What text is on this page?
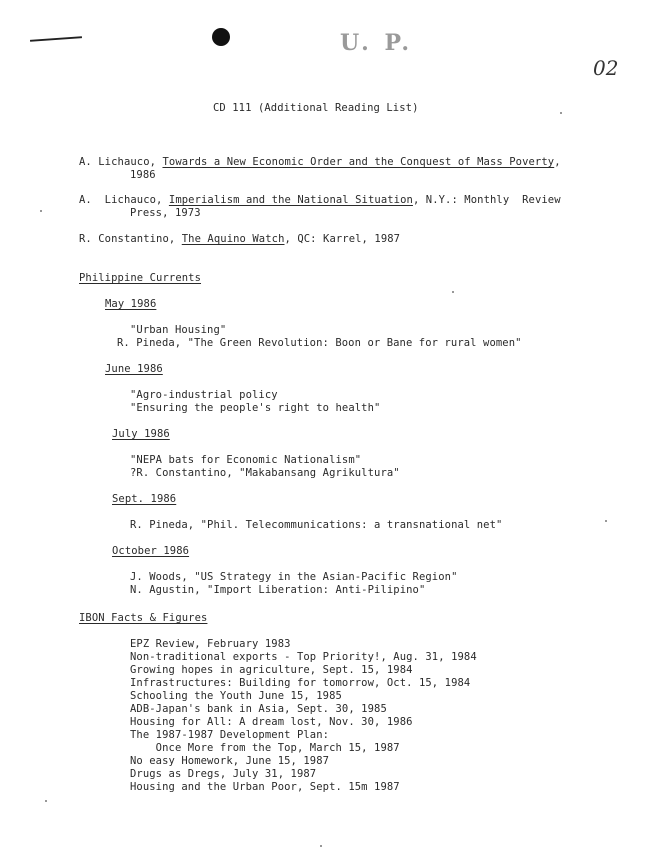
U. P.
02
CD 111 (Additional Reading List)
A. Lichauco, Towards a New Economic Order and the Conquest of Mass Poverty,
1986
A.  Lichauco, Imperialism and the National Situation, N.Y.: Monthly  Review
Press, 1973
R. Constantino, The Aquino Watch, QC: Karrel, 1987
Philippine Currents
May 1986
"Urban Housing"
R. Pineda, "The Green Revolution: Boon or Bane for rural women"
June 1986
"Agro-industrial policy
"Ensuring the people's right to health"
July 1986
"NEPA bats for Economic Nationalism"
?R. Constantino, "Makabansang Agrikultura"
Sept. 1986
R. Pineda, "Phil. Telecommunications: a transnational net"
October 1986
J. Woods, "US Strategy in the Asian-Pacific Region"
N. Agustin, "Import Liberation: Anti-Pilipino"
IBON Facts & Figures
EPZ Review, February 1983
Non-traditional exports - Top Priority!, Aug. 31, 1984
Growing hopes in agriculture, Sept. 15, 1984
Infrastructures: Building for tomorrow, Oct. 15, 1984
Schooling the Youth June 15, 1985
ADB-Japan's bank in Asia, Sept. 30, 1985
Housing for All: A dream lost, Nov. 30, 1986
The 1987-1987 Development Plan:
Once More from the Top, March 15, 1987
No easy Homework, June 15, 1987
Drugs as Dregs, July 31, 1987
Housing and the Urban Poor, Sept. 15m 1987
